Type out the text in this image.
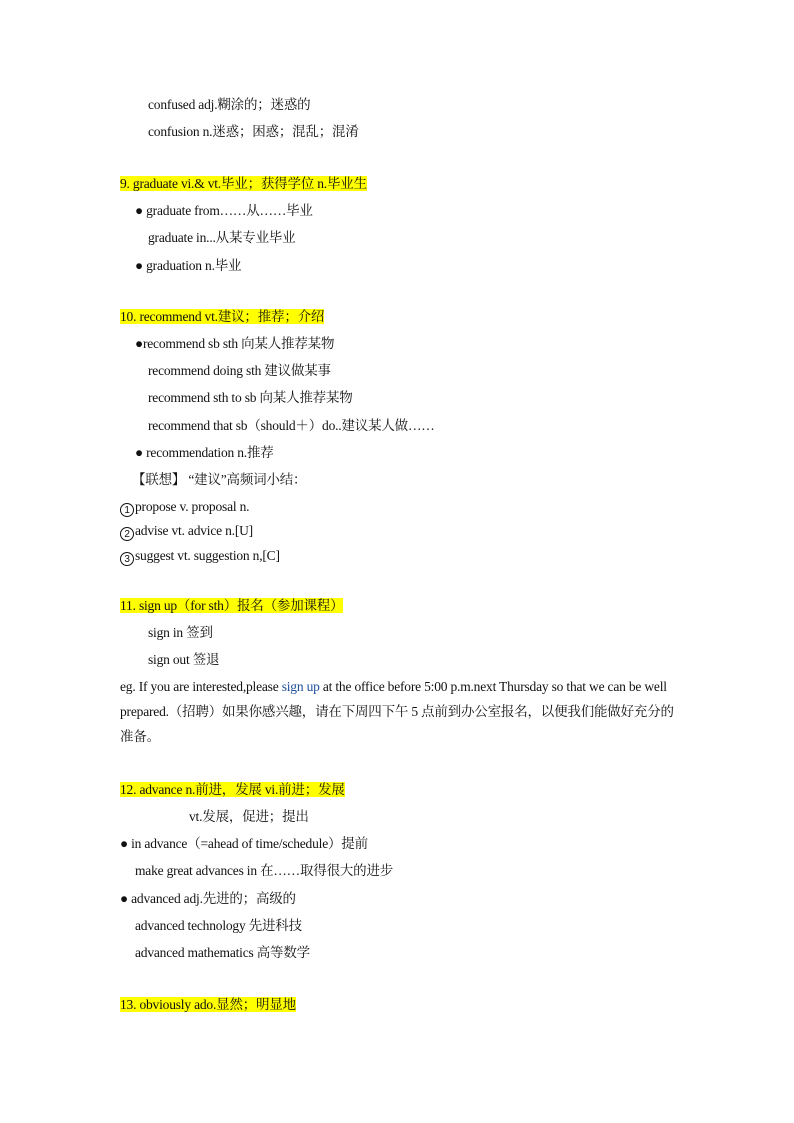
confused adj.糊涂的；迷惑的
confusion n.迷惑；困惑；混乱；混淆
9. graduate vi.& vt.毕业；获得学位 n.毕业生
● graduate from……从……毕业
graduate in...从某专业毕业
● graduation n.毕业
10. recommend vt.建议；推荐；介绍
●recommend sb sth 向某人推荐某物
recommend doing sth 建议做某事
recommend sth to sb 向某人推荐某物
recommend that sb（should＋）do..建议某人做……
● recommendation n.推荐
【联想】 “建议”高频词小结：
1 propose v. proposal n.
2 advise vt. advice n.[U]
3 suggest vt. suggestion n,[C]
11. sign up（for sth）报名（参加课程）
sign in 签到
sign out 签退
eg. If you are interested,please sign up at the office before 5:00 p.m.next Thursday so that we can be well prepared.（招聘）如果你感兴趣，请在下周四下午 5 点前到办公室报名，以便我们能做好充分的准备。
12. advance n.前进，发展 vi.前进；发展
vt.发展，促进；提出
● in advance（=ahead of time/schedule）提前
make great advances in 在……取得很大的进步
● advanced adj.先进的；高级的
advanced technology 先进科技
advanced mathematics 高等数学
13. obviously ado.显然；明显地
